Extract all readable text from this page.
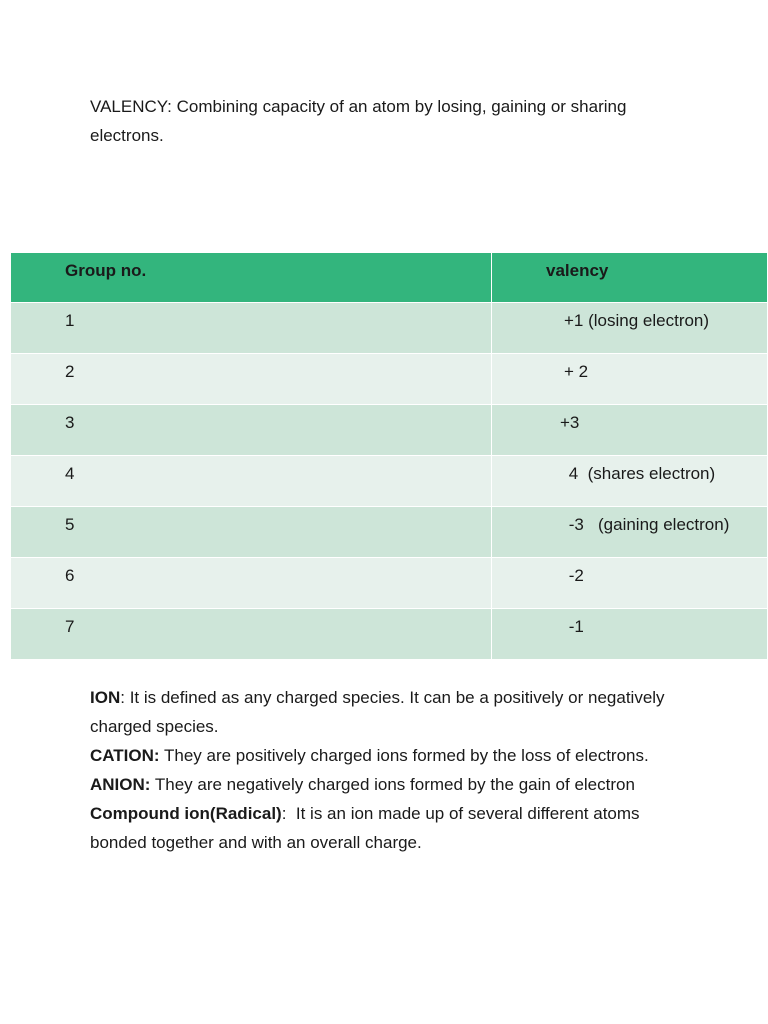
VALENCY: Combining capacity of an atom by losing, gaining or sharing electrons.

Group no.	valency
1	+1 (losing electron)
2	+ 2
3	+3
4	4  (shares electron)
5	-3   (gaining electron)
6	-2
7	-1

ION: It is defined as any charged species. It can be a positively or negatively charged species.

CATION: They are positively charged ions formed by the loss of electrons.

ANION: They are negatively charged ions formed by the gain of electron

Compound ion(Radical):  It is an ion made up of several different atoms bonded together and with an overall charge.
